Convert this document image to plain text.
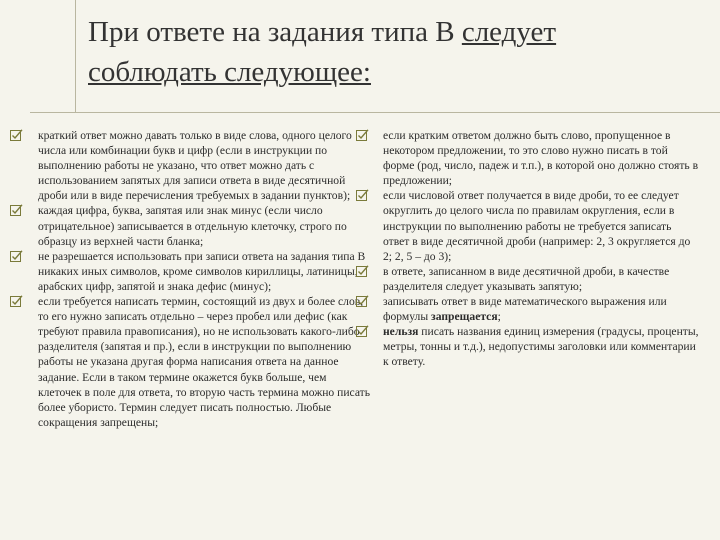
При ответе на задания типа В следует соблюдать следующее:
краткий ответ можно давать только в виде слова, одного целого числа или комбинации букв и цифр (если в инструкции по выполнению работы не указано, что ответ можно дать с использованием запятых для записи ответа в виде десятичной дроби или в виде перечисления требуемых в задании пунктов);
каждая цифра, буква, запятая или знак минус (если число отрицательное) записывается в отдельную клеточку, строго по образцу из верхней части бланка;
не разрешается использовать при записи ответа на задания типа В никаких иных символов, кроме символов кириллицы, латиницы, арабских цифр, запятой и знака дефис (минус);
если требуется написать термин, состоящий из двух и более слов, то его нужно записать отдельно – через пробел или дефис (как требуют правила правописания), но не использовать какого-либо разделителя (запятая и пр.), если в инструкции по выполнению работы не указана другая форма написания ответа на данное задание. Если в таком термине окажется букв больше, чем клеточек в поле для ответа, то вторую часть термина можно писать более убористо. Термин следует писать полностью. Любые сокращения запрещены;
если кратким ответом должно быть слово, пропущенное в некотором предложении, то это слово нужно писать в той форме (род, число, падеж и т.п.), в которой оно должно стоять в предложении;
если числовой ответ получается в виде дроби, то ее следует округлить до целого числа по правилам округления, если в инструкции по выполнению работы не требуется записать ответ в виде десятичной дроби (например: 2, 3 округляется до 2; 2, 5 – до 3);
в ответе, записанном в виде десятичной дроби, в качестве разделителя следует указывать запятую;
записывать ответ в виде математического выражения или формулы запрещается;
нельзя писать названия единиц измерения (градусы, проценты, метры, тонны и т.д.), недопустимы заголовки или комментарии к ответу.
